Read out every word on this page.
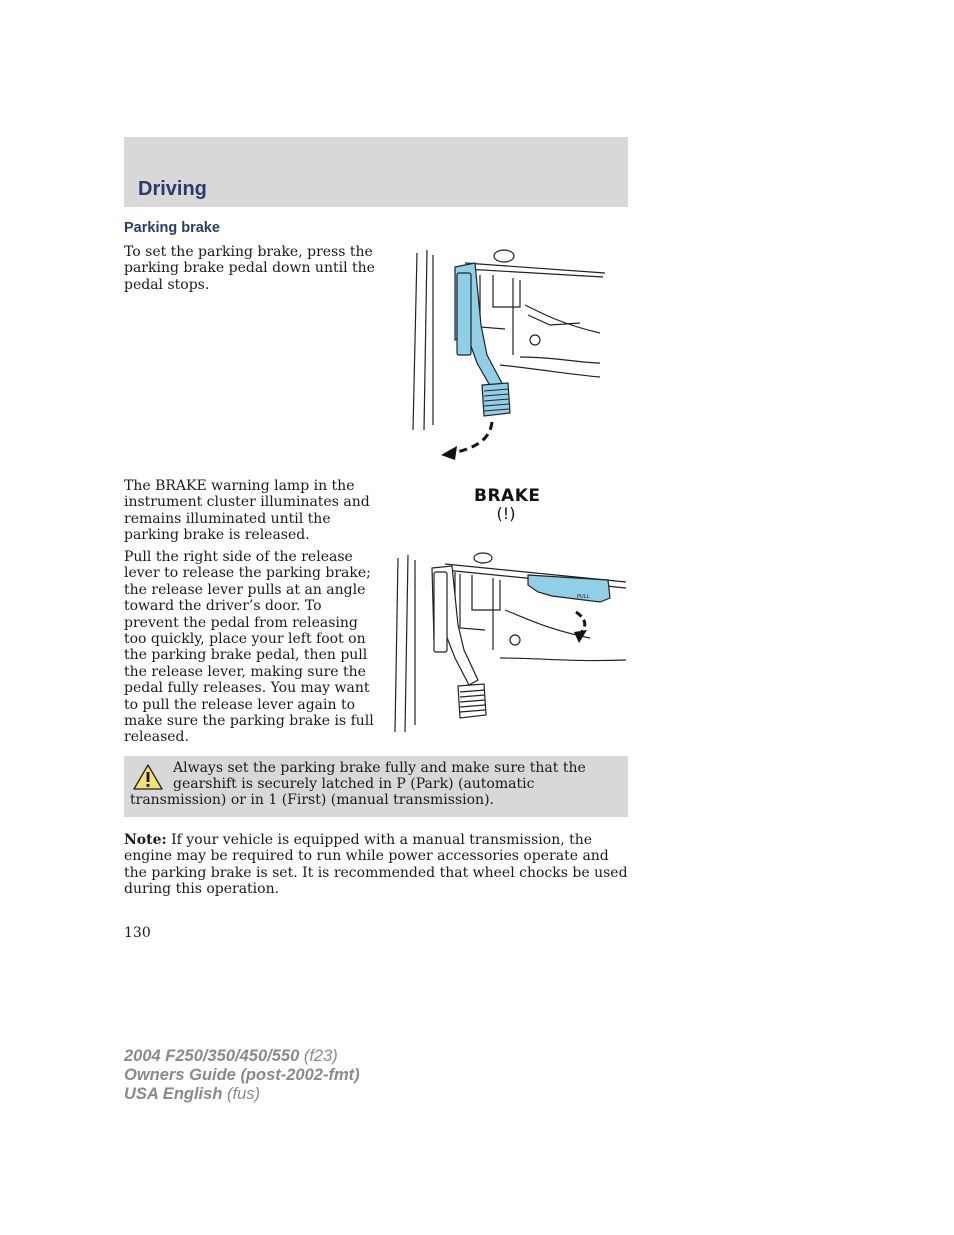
Driving
Parking brake

To set the parking brake, press the parking brake pedal down until the pedal stops.

The BRAKE warning lamp in the instrument cluster illuminates and remains illuminated until the parking brake is released.

BRAKE
(!)

Pull the right side of the release lever to release the parking brake; the release lever pulls at an angle toward the driver’s door. To prevent the pedal from releasing too quickly, place your left foot on the parking brake pedal, then pull the release lever, making sure the pedal fully releases. You may want to pull the release lever again to make sure the parking brake is full released.

PULL

Always set the parking brake fully and make sure that the gearshift is securely latched in P (Park) (automatic transmission) or in 1 (First) (manual transmission).

Note: If your vehicle is equipped with a manual transmission, the engine may be required to run while power accessories operate and the parking brake is set. It is recommended that wheel chocks be used during this operation.

130
2004 F250/350/450/550 (f23)
Owners Guide (post-2002-fmt)
USA English (fus)
